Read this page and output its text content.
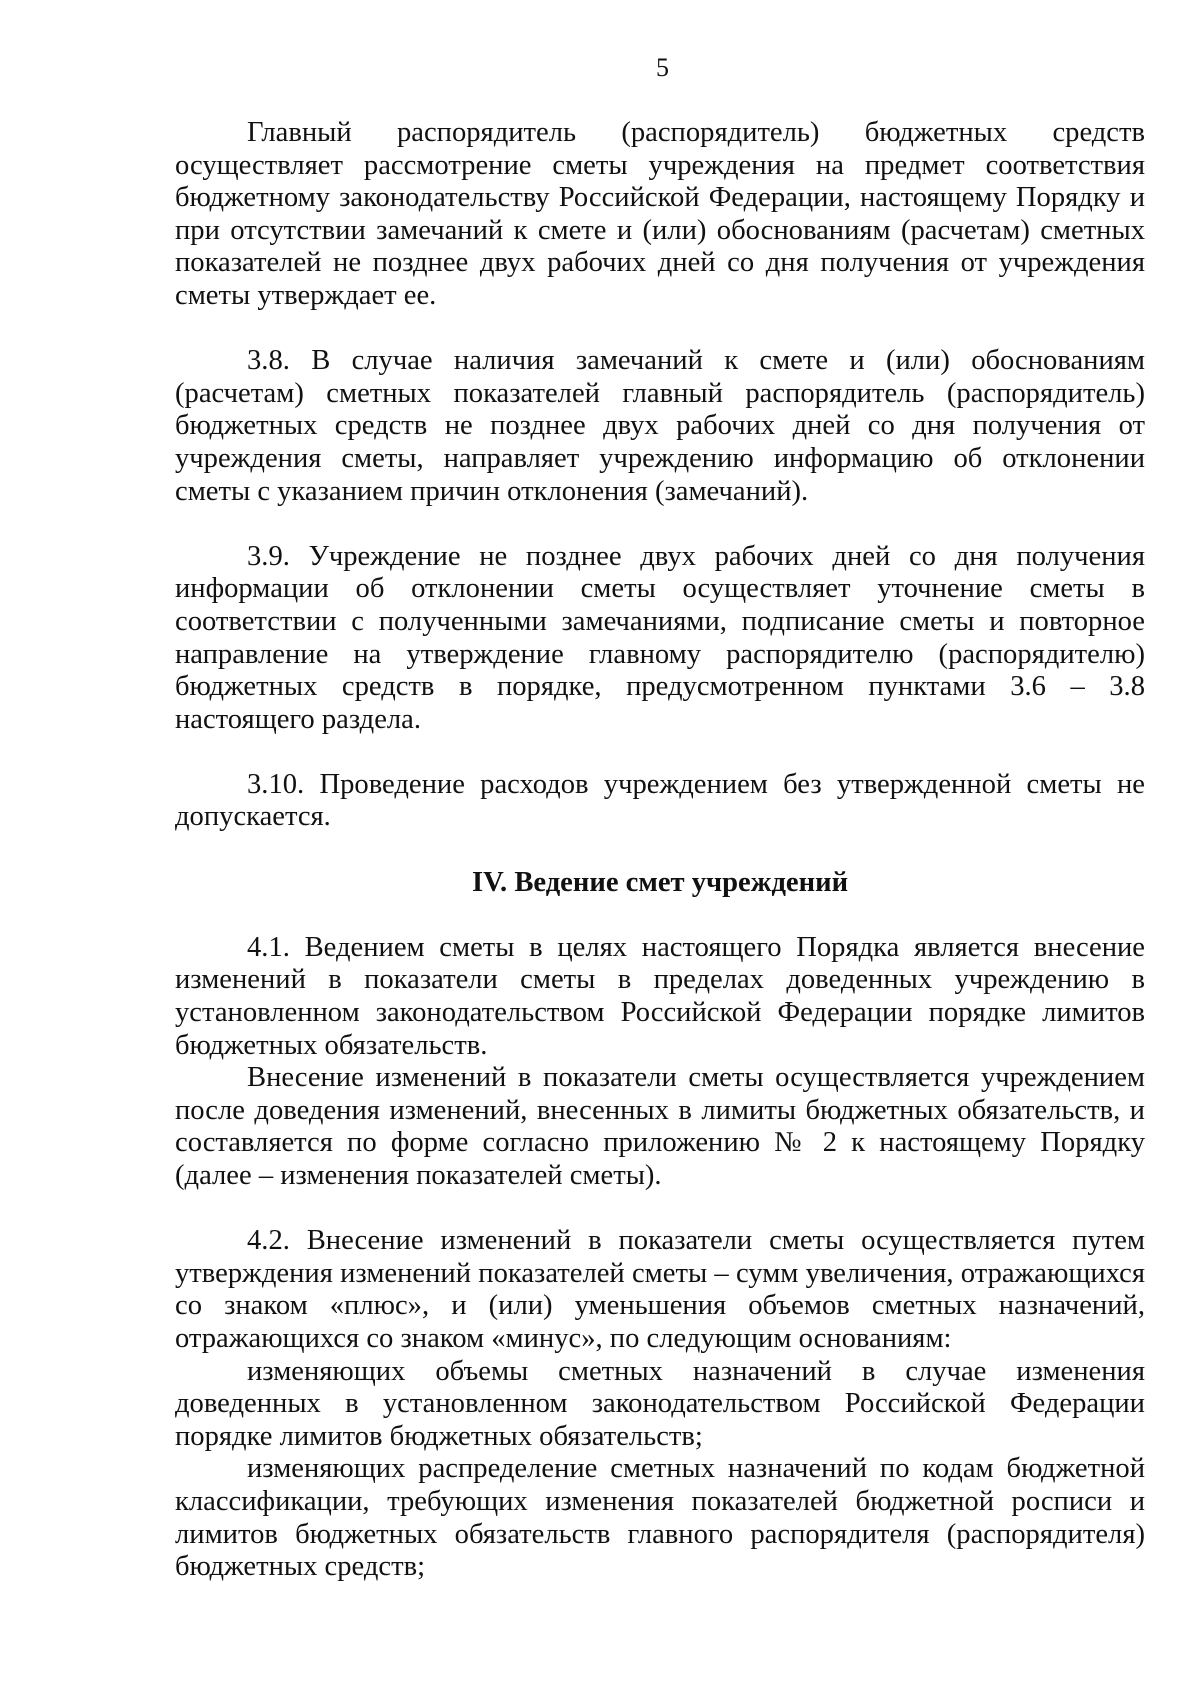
5

Главный распорядитель (распорядитель) бюджетных средств осуществляет рассмотрение сметы учреждения на предмет соответствия бюджетному законодательству Российской Федерации, настоящему Порядку и при отсутствии замечаний к смете и (или) обоснованиям (расчетам) сметных показателей не позднее двух рабочих дней со дня получения от учреждения сметы утверждает ее.

3.8. В случае наличия замечаний к смете и (или) обоснованиям (расчетам) сметных показателей главный распорядитель (распорядитель) бюджетных средств не позднее двух рабочих дней со дня получения от учреждения сметы, направляет учреждению информацию об отклонении сметы с указанием причин отклонения (замечаний).

3.9. Учреждение не позднее двух рабочих дней со дня получения информации об отклонении сметы осуществляет уточнение сметы в соответствии с полученными замечаниями, подписание сметы и повторное направление на утверждение главному распорядителю (распорядителю) бюджетных средств в порядке, предусмотренном пунктами 3.6 – 3.8 настоящего раздела.

3.10. Проведение расходов учреждением без утвержденной сметы не допускается.

IV. Ведение смет учреждений

4.1. Ведением сметы в целях настоящего Порядка является внесение изменений в показатели сметы в пределах доведенных учреждению в установленном законодательством Российской Федерации порядке лимитов бюджетных обязательств.

Внесение изменений в показатели сметы осуществляется учреждением после доведения изменений, внесенных в лимиты бюджетных обязательств, и составляется по форме согласно приложению № 2 к настоящему Порядку (далее – изменения показателей сметы).

4.2. Внесение изменений в показатели сметы осуществляется путем утверждения изменений показателей сметы – сумм увеличения, отражающихся со знаком «плюс», и (или) уменьшения объемов сметных назначений, отражающихся со знаком «минус», по следующим основаниям:

изменяющих объемы сметных назначений в случае изменения доведенных в установленном законодательством Российской Федерации порядке лимитов бюджетных обязательств;

изменяющих распределение сметных назначений по кодам бюджетной классификации, требующих изменения показателей бюджетной росписи и лимитов бюджетных обязательств главного распорядителя (распорядителя) бюджетных средств;
